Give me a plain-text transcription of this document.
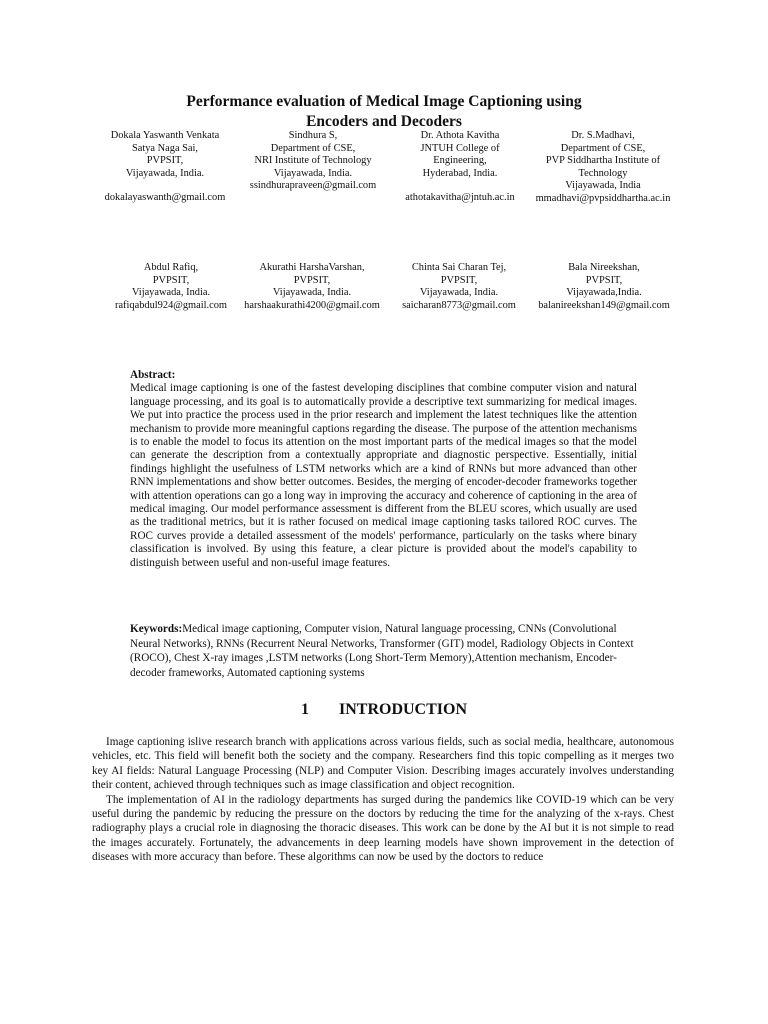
Performance evaluation of Medical Image Captioning using
Encoders and Decoders
Dokala Yaswanth Venkata
Satya Naga Sai,
PVPSIT,
Vijayawada, India.
dokalayaswanth@gmail.com
Sindhura S,
Department of CSE,
NRI Institute of Technology
Vijayawada, India.
ssindhurapraveen@gmail.com
Dr. Athota Kavitha
JNTUH College of
Engineering,
Hyderabad, India.
athotakavitha@jntuh.ac.in
Dr. S.Madhavi,
Department of CSE,
PVP Siddhartha Institute of
Technology
Vijayawada, India
mmadhavi@pvpsiddhartha.ac.in
Abdul Rafiq,
PVPSIT,
Vijayawada, India.
rafiqabdul924@gmail.com
Akurathi HarshaVarshan,
PVPSIT,
Vijayawada, India.
harshaakurathi4200@gmail.com
Chinta Sai Charan Tej,
PVPSIT,
Vijayawada, India.
saicharan8773@gmail.com
Bala Nireekshan,
PVPSIT,
Vijayawada,India.
balanireekshan149@gmail.com
Abstract:
Medical image captioning is one of the fastest developing disciplines that combine computer vision and natural language processing, and its goal is to automatically provide a descriptive text summarizing for medical images. We put into practice the process used in the prior research and implement the latest techniques like the attention mechanism to provide more meaningful captions regarding the disease. The purpose of the attention mechanisms is to enable the model to focus its attention on the most important parts of the medical images so that the model can generate the description from a contextually appropriate and diagnostic perspective. Essentially, initial findings highlight the usefulness of LSTM networks which are a kind of RNNs but more advanced than other RNN implementations and show better outcomes. Besides, the merging of encoder-decoder frameworks together with attention operations can go a long way in improving the accuracy and coherence of captioning in the area of medical imaging. Our model performance assessment is different from the BLEU scores, which usually are used as the traditional metrics, but it is rather focused on medical image captioning tasks tailored ROC curves. The ROC curves provide a detailed assessment of the models' performance, particularly on the tasks where binary classification is involved. By using this feature, a clear picture is provided about the model's capability to distinguish between useful and non-useful image features.
Keywords:Medical image captioning, Computer vision, Natural language processing, CNNs (Convolutional Neural Networks), RNNs (Recurrent Neural Networks, Transformer (GIT) model, Radiology Objects in Context (ROCO), Chest X-ray images ,LSTM networks (Long Short-Term Memory),Attention mechanism, Encoder-decoder frameworks, Automated captioning systems
1 INTRODUCTION

Image captioning islive research branch with applications across various fields, such as social media, healthcare, autonomous vehicles, etc. This field will benefit both the society and the company. Researchers find this topic compelling as it merges two key AI fields: Natural Language Processing (NLP) and Computer Vision. Describing images accurately involves understanding their content, achieved through techniques such as image classification and object recognition.

The implementation of AI in the radiology departments has surged during the pandemics like COVID-19 which can be very useful during the pandemic by reducing the pressure on the doctors by reducing the time for the analyzing of the x-rays. Chest radiography plays a crucial role in diagnosing the thoracic diseases. This work can be done by the AI but it is not simple to read the images accurately. Fortunately, the advancements in deep learning models have shown improvement in the detection of diseases with more accuracy than before. These algorithms can now be used by the doctors to reduce
